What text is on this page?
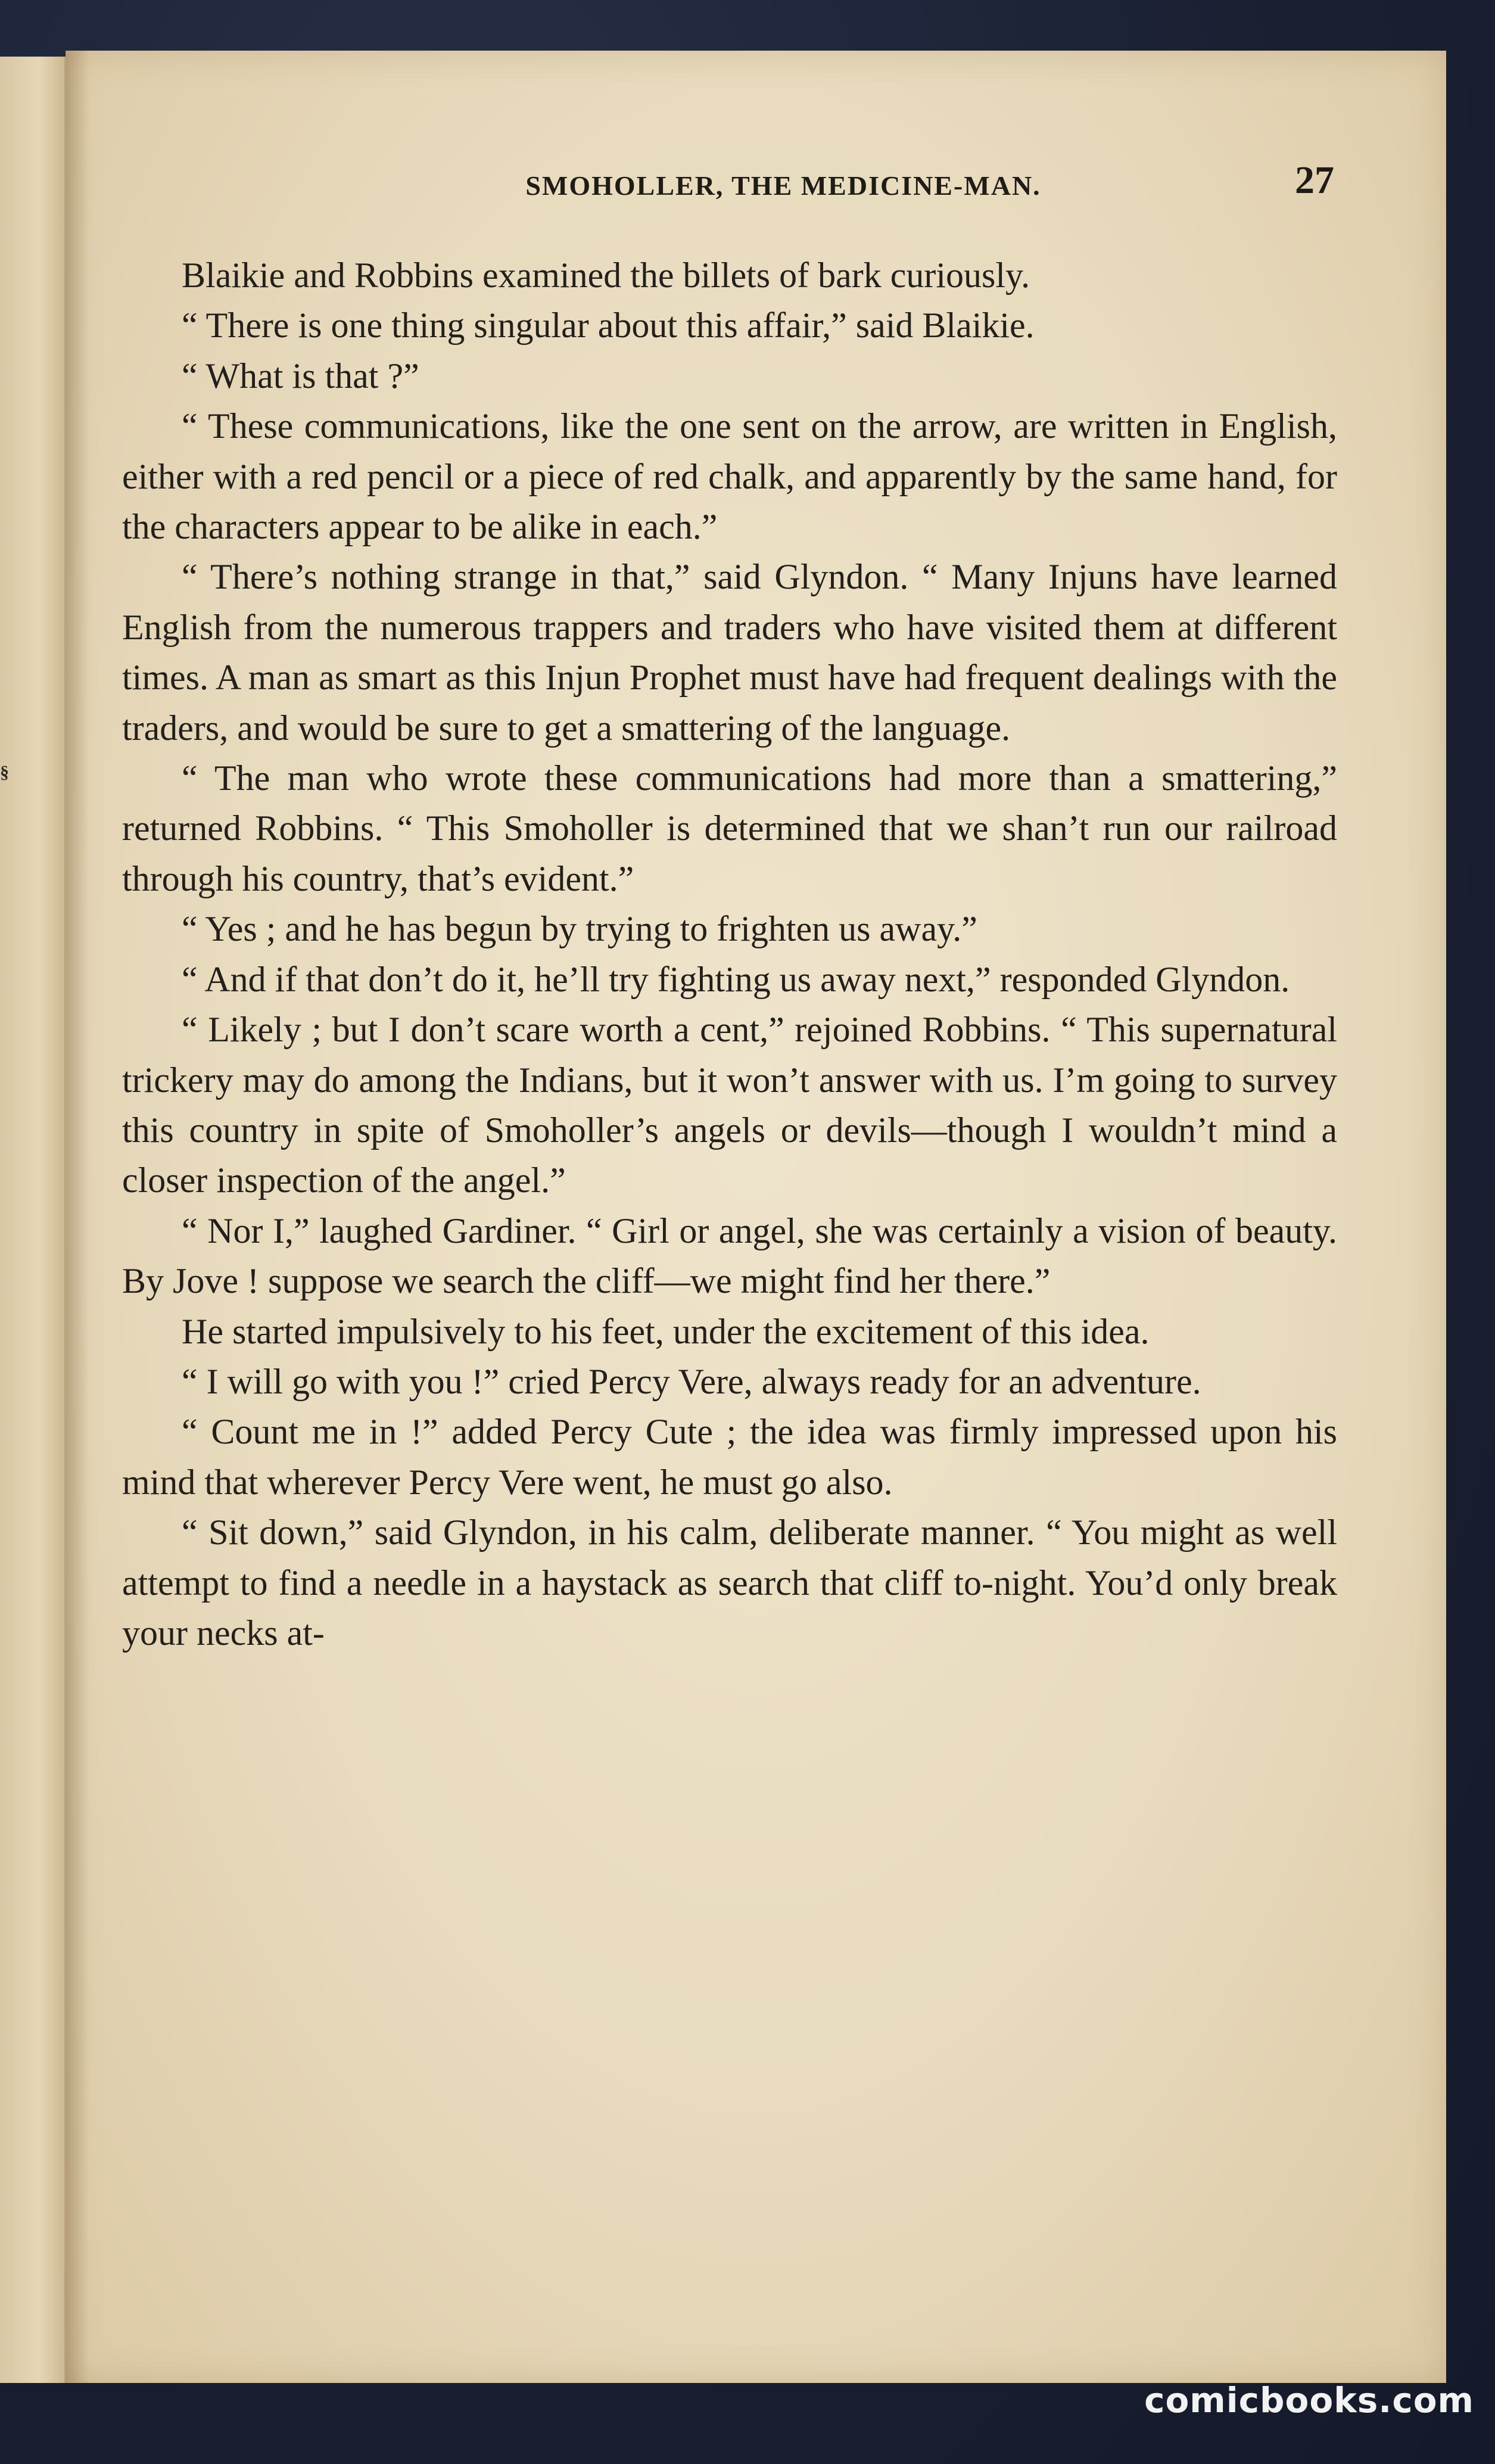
§
SMOHOLLER, THE MEDICINE-MAN.	27

Blaikie and Robbins examined the billets of bark curiously.

“ There is one thing singular about this affair,” said Blaikie.

“ What is that ?”

“ These communications, like the one sent on the arrow, are written in English, either with a red pencil or a piece of red chalk, and apparently by the same hand, for the characters appear to be alike in each.”

“ There’s nothing strange in that,” said Glyndon. “ Many Injuns have learned English from the numerous trappers and traders who have visited them at different times. A man as smart as this Injun Prophet must have had frequent dealings with the traders, and would be sure to get a smattering of the language.

“ The man who wrote these communications had more than a smattering,” returned Robbins. “ This Smoholler is determined that we shan’t run our railroad through his country, that’s evident.”

“ Yes ; and he has begun by trying to frighten us away.”

“ And if that don’t do it, he’ll try fighting us away next,” responded Glyndon.

“ Likely ; but I don’t scare worth a cent,” rejoined Robbins. “ This supernatural trickery may do among the Indians, but it won’t answer with us. I’m going to survey this country in spite of Smoholler’s angels or devils—though I wouldn’t mind a closer inspection of the angel.”

“ Nor I,” laughed Gardiner. “ Girl or angel, she was certainly a vision of beauty. By Jove ! suppose we search the cliff—we might find her there.”

He started impulsively to his feet, under the excitement of this idea.

“ I will go with you !” cried Percy Vere, always ready for an adventure.

“ Count me in !” added Percy Cute ; the idea was firmly impressed upon his mind that wherever Percy Vere went, he must go also.

“ Sit down,” said Glyndon, in his calm, deliberate manner. “ You might as well attempt to find a needle in a haystack as search that cliff to-night. You’d only break your necks at-

comicbooks.com
